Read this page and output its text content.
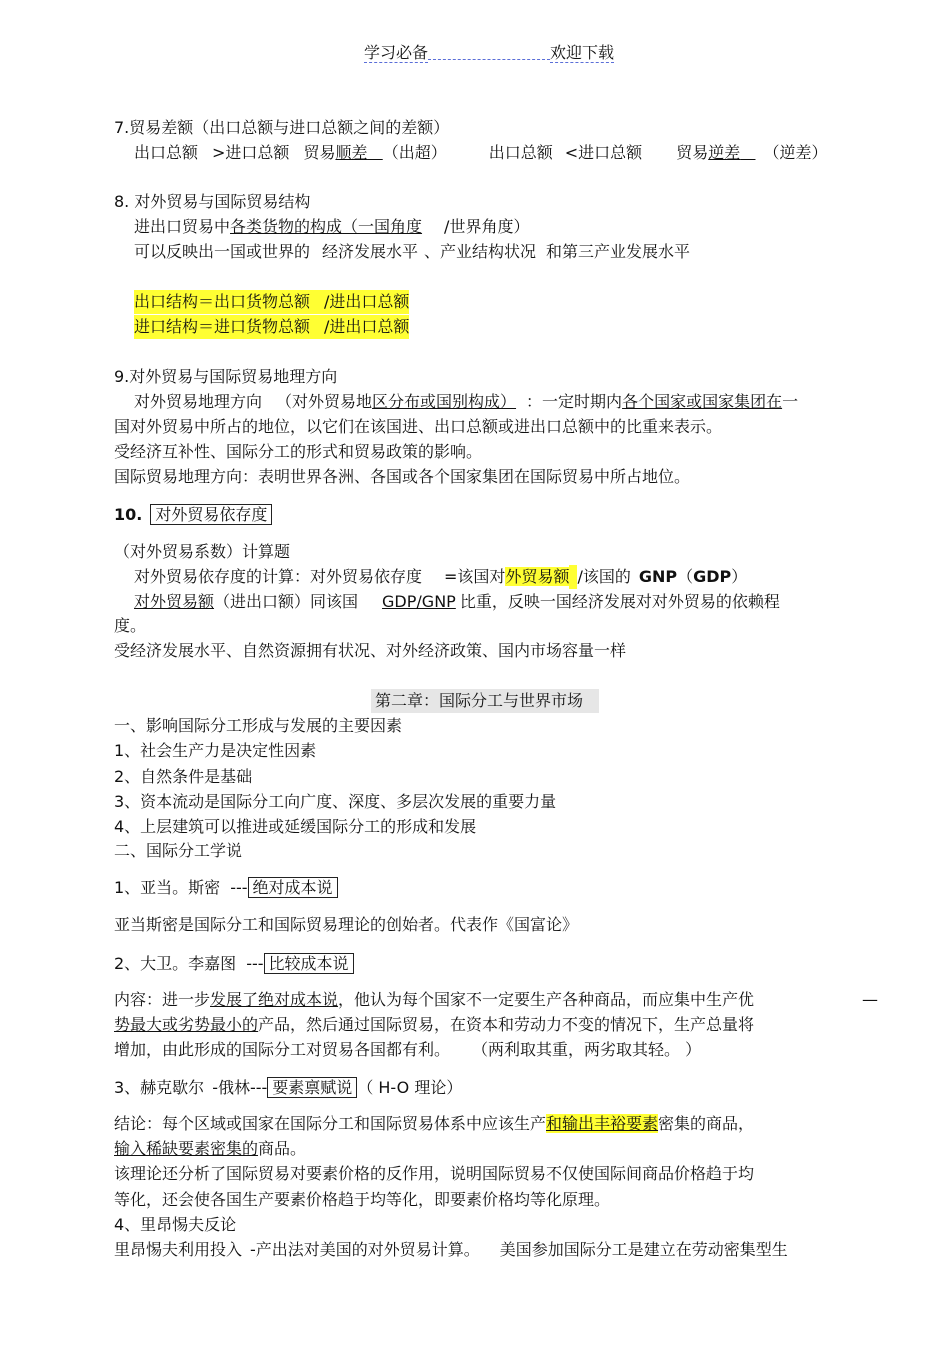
学习必备	欢迎下载
7.贸易差额（出口总额与进口总额之间的差额）
出口总额 >进口总额 贸易顺差 （出超）	出口总额 <进口总额 贸易逆差 （逆差）
8. 对外贸易与国际贸易结构
进出口贸易中各类货物的构成（一国角度 /世界角度）
可以反映出一国或世界的 经济发展水平 、产业结构状况 和第三产业发展水平
出口结构＝出口货物总额 /进出口总额
进口结构＝进口货物总额 /进出口总额
9.对外贸易与国际贸易地理方向
对外贸易地理方向 （对外贸易地区分布或国别构成） ：一定时期内各个国家或国家集团在一
国对外贸易中所占的地位，以它们在该国进、出口总额或进出口总额中的比重来表示。
受经济互补性、国际分工的形式和贸易政策的影响。
国际贸易地理方向：表明世界各洲、各国或各个国家集团在国际贸易中所占地位。
10. 对外贸易依存度
（对外贸易系数）计算题
对外贸易依存度的计算：对外贸易依存度 =该国对外贸易额 /该国的 GNP（GDP）
对外贸易额（进出口额）同该国 GDP/GNP 比重，反映一国经济发展对对外贸易的依赖程
度。
受经济发展水平、自然资源拥有状况、对外经济政策、国内市场容量一样
第二章：国际分工与世界市场
一、影响国际分工形成与发展的主要因素
1、社会生产力是决定性因素
2、自然条件是基础
3、资本流动是国际分工向广度、深度、多层次发展的重要力量
4、上层建筑可以推进或延缓国际分工的形成和发展
二、国际分工学说
1、亚当。斯密 --- 绝对成本说
亚当斯密是国际分工和国际贸易理论的创始者。代表作《国富论》
2、大卫。李嘉图 --- 比较成本说
内容：进一步发展了绝对成本说，他认为每个国家不一定要生产各种商品，而应集中生产优	—
势最大或劣势最小的产品，然后通过国际贸易，在资本和劳动力不变的情况下，生产总量将
增加，由此形成的国际分工对贸易各国都有利。 （两利取其重，两劣取其轻。 ）
3、赫克歇尔 -俄林--- 要素禀赋说 （ H-O 理论）
结论：每个区域或国家在国际分工和国际贸易体系中应该生产和输出丰裕要素密集的商品，
输入稀缺要素密集的商品。
该理论还分析了国际贸易对要素价格的反作用，说明国际贸易不仅使国际间商品价格趋于均
等化，还会使各国生产要素价格趋于均等化，即要素价格均等化原理。
4、里昂惕夫反论
里昂惕夫利用投入 -产出法对美国的对外贸易计算。 美国参加国际分工是建立在劳动密集型生
